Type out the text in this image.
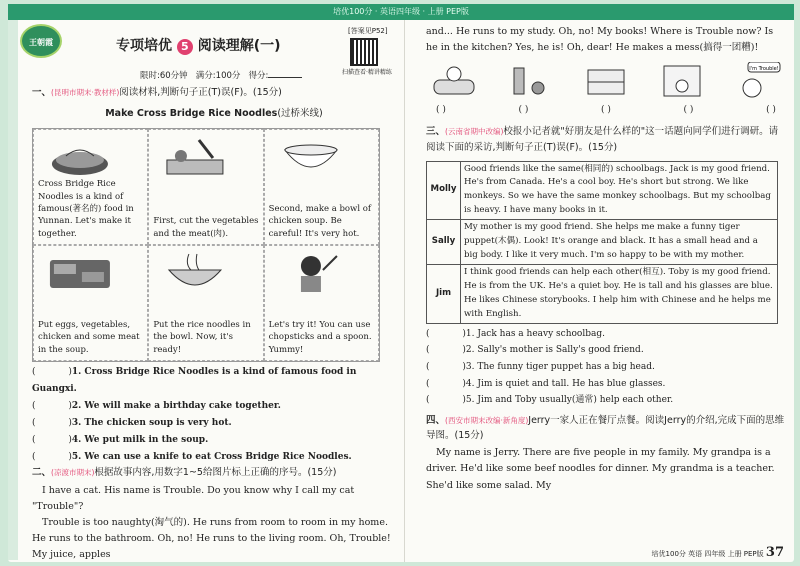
培优100分 · 英语四年级 · 上册 PEP版
王朝霞	专项培优 5 阅读理解(一)
[答案见P52]
扫描查看·精讲精练
限时:60分钟 满分:100分 得分:
一、(昆明市期末·教材样)阅读材料,判断句子正(T)误(F)。(15分)
Make Cross Bridge Rice Noodles(过桥米线)
Cross Bridge Rice Noodles is a kind of famous(著名的) food in Yunnan. Let's make it together.
First, cut the vegetables and the meat(肉).
Second, make a bowl of chicken soup. Be careful! It's very hot.
Put eggs, vegetables, chicken and some meat in the soup.
Put the rice noodles in the bowl. Now, it's ready!
Let's try it! You can use chopsticks and a spoon. Yummy!
(	)1. Cross Bridge Rice Noodles is a kind of famous food in Guangxi.
(	)2. We will make a birthday cake together.
(	)3. The chicken soup is very hot.
(	)4. We put milk in the soup.
(	)5. We can use a knife to eat Cross Bridge Rice Noodles.
二、(凉渡市期末)根据故事内容,用数字1~5给图片标上正确的序号。(15分)
I have a cat. His name is Trouble. Do you know why I call my cat "Trouble"?
Trouble is too naughty(淘气的). He runs from room to room in my home. He runs to the bathroom. Oh, no! He runs to the living room. Oh, Trouble! My juice, apples
and... He runs to my study. Oh, no! My books! Where is Trouble now? Is he in the kitchen? Yes, he is! Oh, dear! He makes a mess(搞得一团糟)!
I'm Trouble!
( )	( )	( )	( )	( )
三、(云南省期中改编)校报小记者就"好朋友是什么样的"这一话题向同学们进行调研。请阅读下面的采访,判断句子正(T)误(F)。(15分)
Molly	Good friends like the same(相同的) schoolbags. Jack is my good friend. He's from Canada. He's a cool boy. He's short but strong. We like monkeys. So we have the same monkey schoolbags. But my schoolbag is heavy. I have many books in it.
Sally	My mother is my good friend. She helps me make a funny tiger puppet(木偶). Look! It's orange and black. It has a small head and a big body. I like it very much. I'm so happy to be with my mother.
Jim	I think good friends can help each other(相互). Toby is my good friend. He is from the UK. He's a quiet boy. He is tall and his glasses are blue. He likes Chinese storybooks. I help him with Chinese and he helps me with English.
(	)1. Jack has a heavy schoolbag.
(	)2. Sally's mother is Sally's good friend.
(	)3. The funny tiger puppet has a big head.
(	)4. Jim is quiet and tall. He has blue glasses.
(	)5. Jim and Toby usually(通常) help each other.
四、(西安市期末改编·新角度)Jerry一家人正在餐厅点餐。阅读Jerry的介绍,完成下面的思维导图。(15分)
My name is Jerry. There are five people in my family. My grandpa is a driver. He'd like some beef noodles for dinner. My grandma is a teacher. She'd like some salad. My
培优100分 英语 四年级 上册 PEP版 37
